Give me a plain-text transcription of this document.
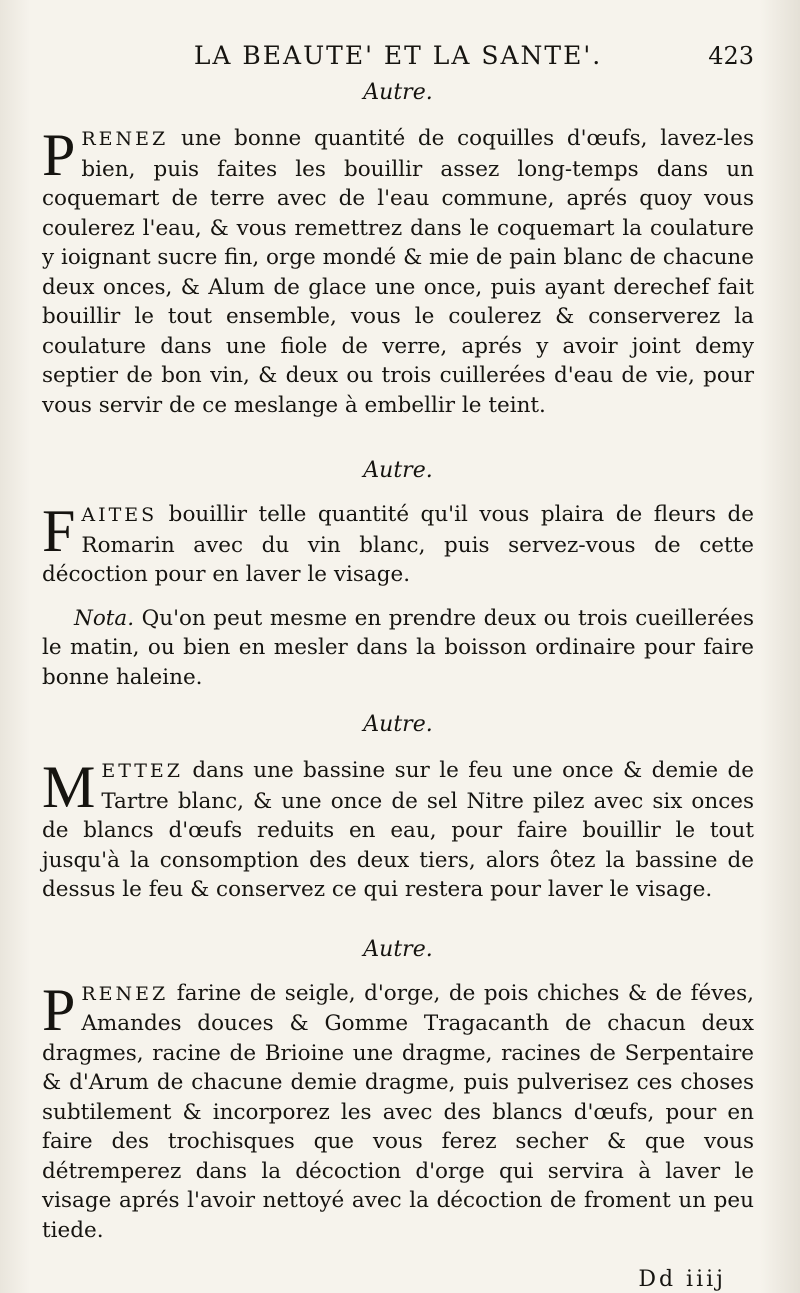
LA BEAUTE' ET LA SANTE'.	423
Autre.
PRENEZ une bonne quantité de coquilles d'œufs, lavez-les bien, puis faites les bouillir assez long-temps dans un coquemart de terre avec de l'eau commune, aprés quoy vous coulerez l'eau, & vous remettrez dans le coquemart la coulature y ioignant sucre fin, orge mondé & mie de pain blanc de chacune deux onces, & Alum de glace une once, puis ayant derechef fait bouillir le tout ensemble, vous le coulerez & conserverez la coulature dans une fiole de verre, aprés y avoir joint demy septier de bon vin, & deux ou trois cuillerées d'eau de vie, pour vous servir de ce meslange à embellir le teint.
Autre.
FAITES bouillir telle quantité qu'il vous plaira de fleurs de Romarin avec du vin blanc, puis servez-vous de cette décoction pour en laver le visage.
Nota. Qu'on peut mesme en prendre deux ou trois cueillerées le matin, ou bien en mesler dans la boisson ordinaire pour faire bonne haleine.
Autre.
METTEZ dans une bassine sur le feu une once & demie de Tartre blanc, & une once de sel Nitre pilez avec six onces de blancs d'œufs reduits en eau, pour faire bouillir le tout jusqu'à la consomption des deux tiers, alors ôtez la bassine de dessus le feu & conservez ce qui restera pour laver le visage.
Autre.
PRENEZ farine de seigle, d'orge, de pois chiches & de féves, Amandes douces & Gomme Tragacanth de chacun deux dragmes, racine de Brioine une dragme, racines de Serpentaire & d'Arum de chacune demie dragme, puis pulverisez ces choses subtilement & incorporez les avec des blancs d'œufs, pour en faire des trochisques que vous ferez secher & que vous détremperez dans la décoction d'orge qui servira à laver le visage aprés l'avoir nettoyé avec la décoction de froment un peu tiede.
Dd iiij
